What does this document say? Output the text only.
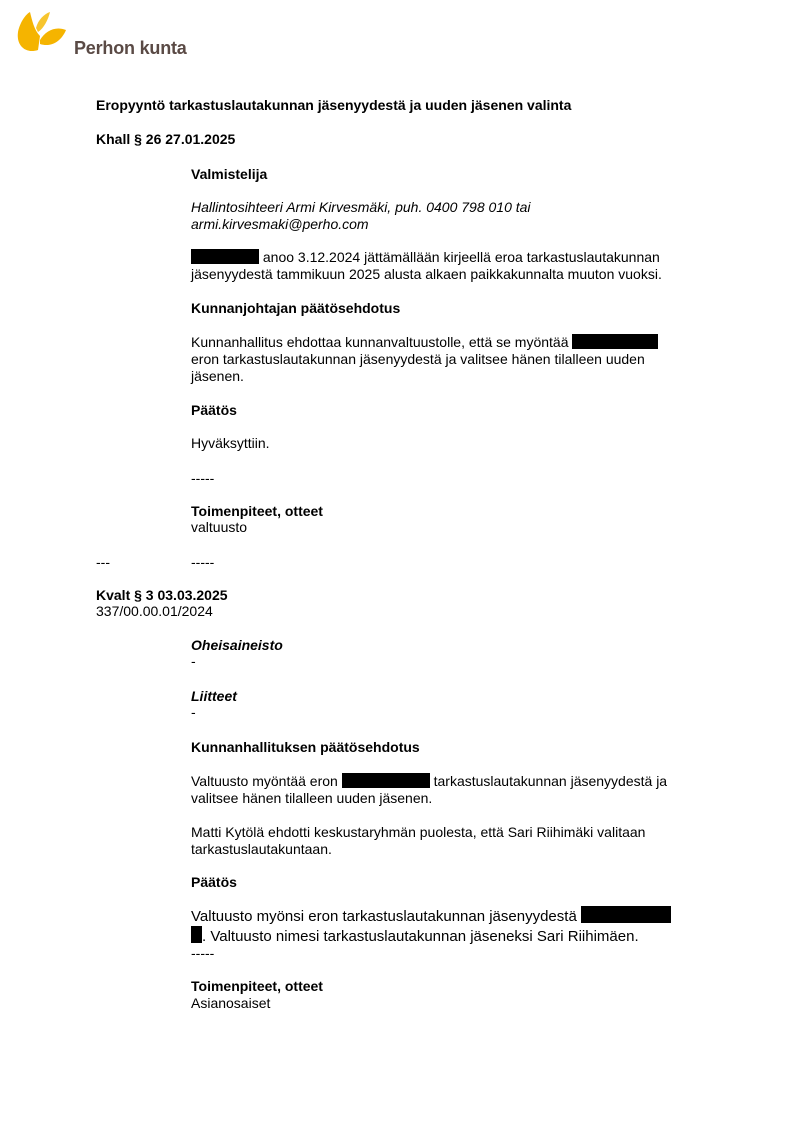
Perhon kunta
Eropyyntö tarkastuslautakunnan jäsenyydestä ja uuden jäsenen valinta
Khall § 26 27.01.2025
Valmistelija
Hallintosihteeri Armi Kirvesmäki, puh. 0400 798 010 tai
armi.kirvesmaki@perho.com
anoo 3.12.2024 jättämällään kirjeellä eroa tarkastuslautakunnan
jäsenyydestä tammikuun 2025 alusta alkaen paikkakunnalta muuton vuoksi.
Kunnanjohtajan päätösehdotus
Kunnanhallitus ehdottaa kunnanvaltuustolle, että se myöntää
eron tarkastuslautakunnan jäsenyydestä ja valitsee hänen tilalleen uuden
jäsenen.
Päätös
Hyväksyttiin.
-----
Toimenpiteet, otteet
valtuusto
---	-----
Kvalt § 3 03.03.2025
337/00.00.01/2024
Oheisaineisto
-
Liitteet
-
Kunnanhallituksen päätösehdotus
Valtuusto myöntää eron	tarkastuslautakunnan jäsenyydestä ja
valitsee hänen tilalleen uuden jäsenen.
Matti Kytölä ehdotti keskustaryhmän puolesta, että Sari Riihimäki valitaan
tarkastuslautakuntaan.
Päätös
Valtuusto myönsi eron tarkastuslautakunnan jäsenyydestä
. Valtuusto nimesi tarkastuslautakunnan jäseneksi Sari Riihimäen.
-----
Toimenpiteet, otteet
Asianosaiset
